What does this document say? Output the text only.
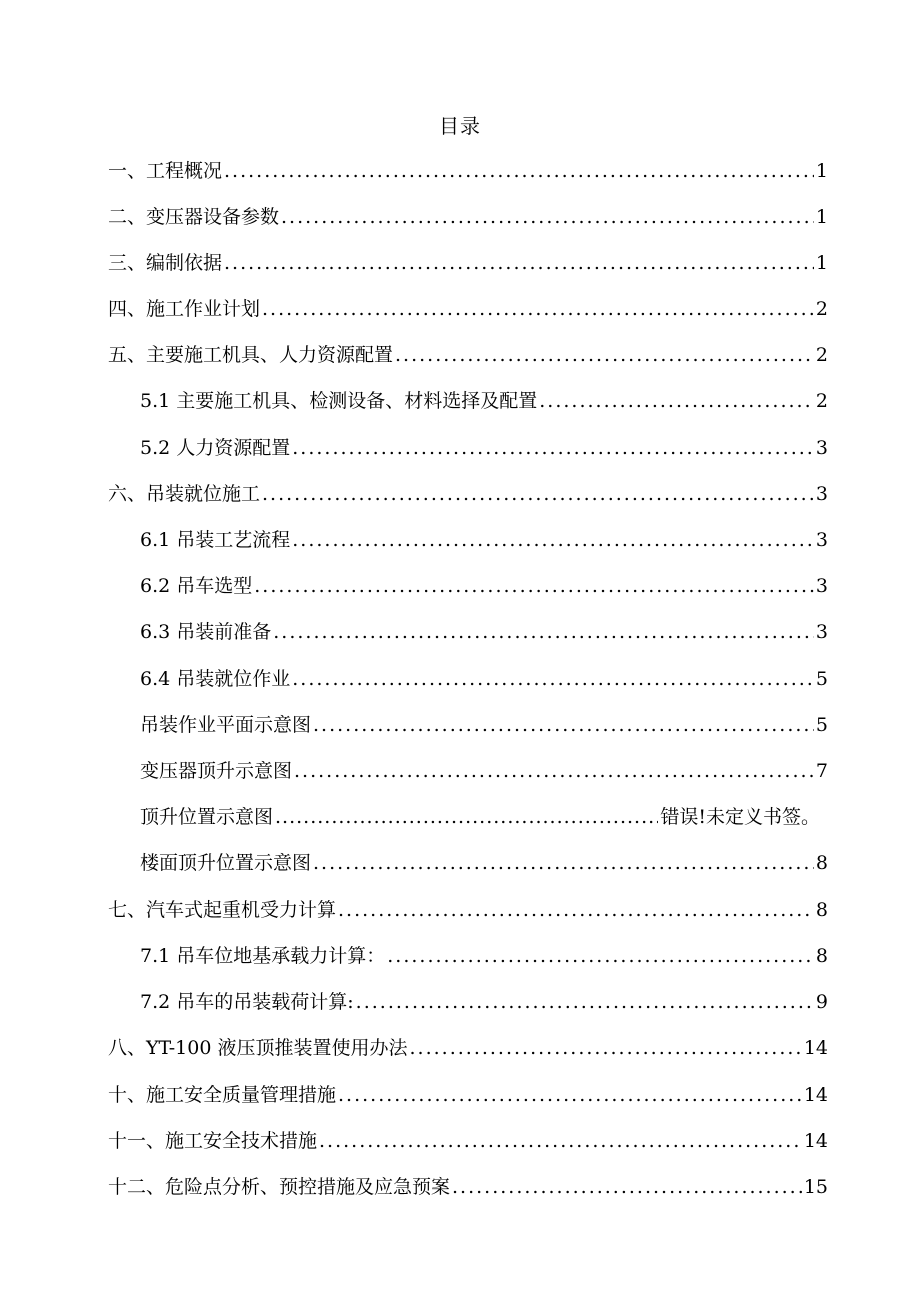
目录
一、工程概况 .....	1
二、变压器设备参数 .....	1
三、编制依据 .....	1
四、施工作业计划 .....	2
五、主要施工机具、人力资源配置 .....	2
5.1 主要施工机具、检测设备、材料选择及配置 .....	2
5.2 人力资源配置 .....	3
六、吊装就位施工 .....	3
6.1 吊装工艺流程 .....	3
6.2 吊车选型 .....	3
6.3 吊装前准备 .....	3
6.4 吊装就位作业 .....	5
吊装作业平面示意图 .....	5
变压器顶升示意图 .....	7
顶升位置示意图 .....	错误!未定义书签。
楼面顶升位置示意图 .....	8
七、汽车式起重机受力计算 .....	8
7.1 吊车位地基承载力计算： .....	8
7.2 吊车的吊装载荷计算: .....	9
八、YT-100 液压顶推装置使用办法 .....	14
十、施工安全质量管理措施 .....	14
十一、施工安全技术措施 .....	14
十二、危险点分析、预控措施及应急预案 .....	15
